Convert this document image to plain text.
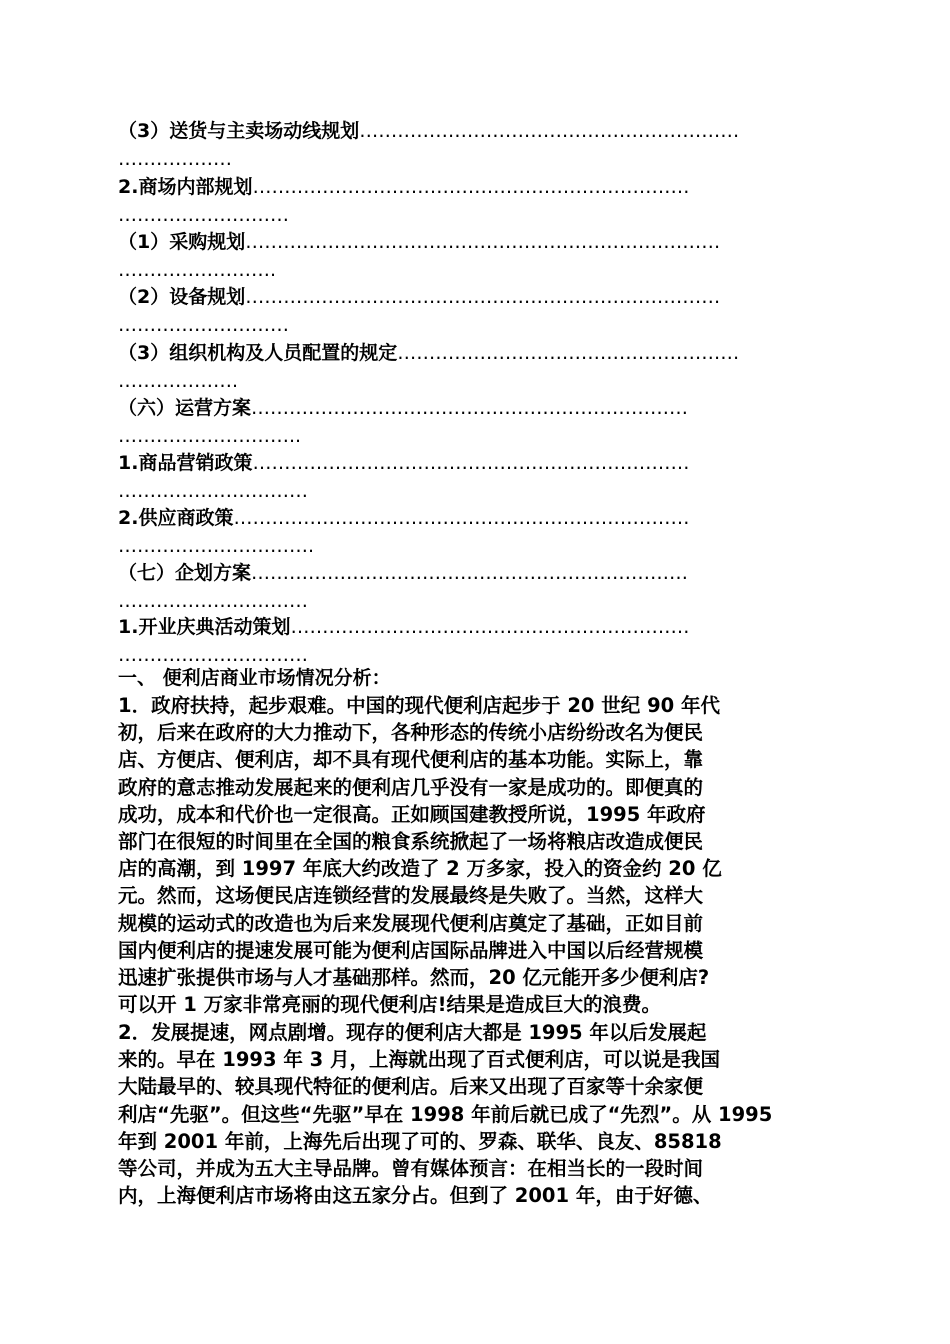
（3）送货与主卖场动线规划 ……………………………………………………
………………
2.商场内部规划 ……………………………………………………………
………………………
（1）采购规划 …………………………………………………………………
…………………….
（2）设备规划 …………………………………………………………………
………………………
（3）组织机构及人员配置的规定 ………………………………………………
……………….
（六）运营方案 ……………………………………………………………
………………………..
1.商品营销政策 ……………………………………………………………
…………………………
2.供应商政策 ………………………………………………………………
………………………….
（七）企划方案 ……………………………………………………………
…………………………
1.开业庆典活动策划 ………………………………………………………
…………………………
一、 便利店商业市场情况分析：
1．政府扶持，起步艰难。中国的现代便利店起步于 20 世纪 90 年代
初，后来在政府的大力推动下，各种形态的传统小店纷纷改名为便民
店、方便店、便利店，却不具有现代便利店的基本功能。实际上，靠
政府的意志推动发展起来的便利店几乎没有一家是成功的。即便真的
成功，成本和代价也一定很高。正如顾国建教授所说，1995 年政府
部门在很短的时间里在全国的粮食系统掀起了一场将粮店改造成便民
店的高潮，到 1997 年底大约改造了 2 万多家，投入的资金约 20 亿
元。然而，这场便民店连锁经营的发展最终是失败了。当然，这样大
规模的运动式的改造也为后来发展现代便利店奠定了基础，正如目前
国内便利店的提速发展可能为便利店国际品牌进入中国以后经营规模
迅速扩张提供市场与人才基础那样。然而，20 亿元能开多少便利店?
可以开 1 万家非常亮丽的现代便利店!结果是造成巨大的浪费。
2．发展提速，网点剧增。现存的便利店大都是 1995 年以后发展起
来的。早在 1993 年 3 月，上海就出现了百式便利店，可以说是我国
大陆最早的、较具现代特征的便利店。后来又出现了百家等十余家便
利店“先驱”。但这些“先驱”早在 1998 年前后就已成了“先烈”。从 1995
年到 2001 年前，上海先后出现了可的、罗森、联华、良友、85818
等公司，并成为五大主导品牌。曾有媒体预言：在相当长的一段时间
内，上海便利店市场将由这五家分占。但到了 2001 年，由于好德、
